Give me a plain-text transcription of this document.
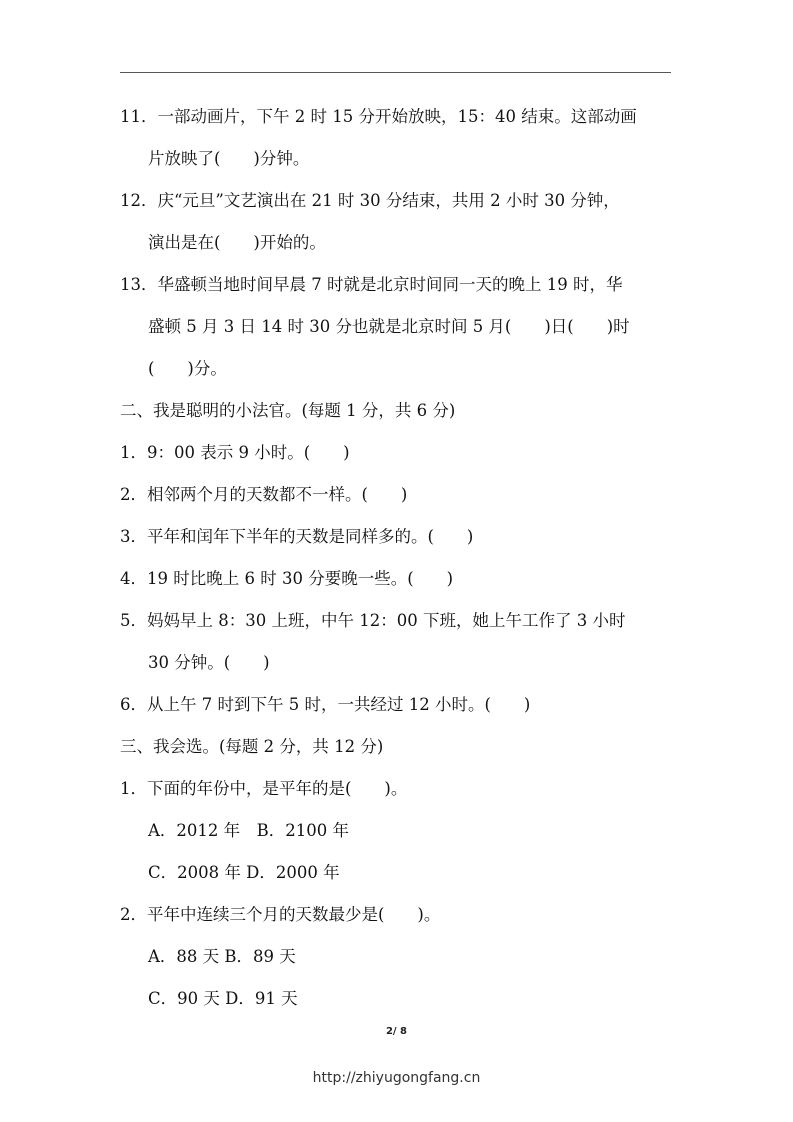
11．一部动画片，下午 2 时 15 分开始放映，15：40 结束。这部动画
片放映了(　　)分钟。
12．庆“元旦”文艺演出在 21 时 30 分结束，共用 2 小时 30 分钟，
演出是在(　　)开始的。
13．华盛顿当地时间早晨 7 时就是北京时间同一天的晚上 19 时，华
盛顿 5 月 3 日 14 时 30 分也就是北京时间 5 月(　　)日(　　)时
(　　)分。
二、我是聪明的小法官。(每题 1 分，共 6 分)
1．9：00 表示 9 小时。(　　)
2．相邻两个月的天数都不一样。(　　)
3．平年和闰年下半年的天数是同样多的。(　　)
4．19 时比晚上 6 时 30 分要晚一些。(　　)
5．妈妈早上 8：30 上班，中午 12：00 下班，她上午工作了 3 小时
30 分钟。(　　)
6．从上午 7 时到下午 5 时，一共经过 12 小时。(　　)
三、我会选。(每题 2 分，共 12 分)
1．下面的年份中，是平年的是(　　)。
A．2012 年　B．2100 年
C．2008 年 D．2000 年
2．平年中连续三个月的天数最少是(　　)。
A．88 天 B．89 天
C．90 天 D．91 天
2/ 8
http://zhiyugongfang.cn
